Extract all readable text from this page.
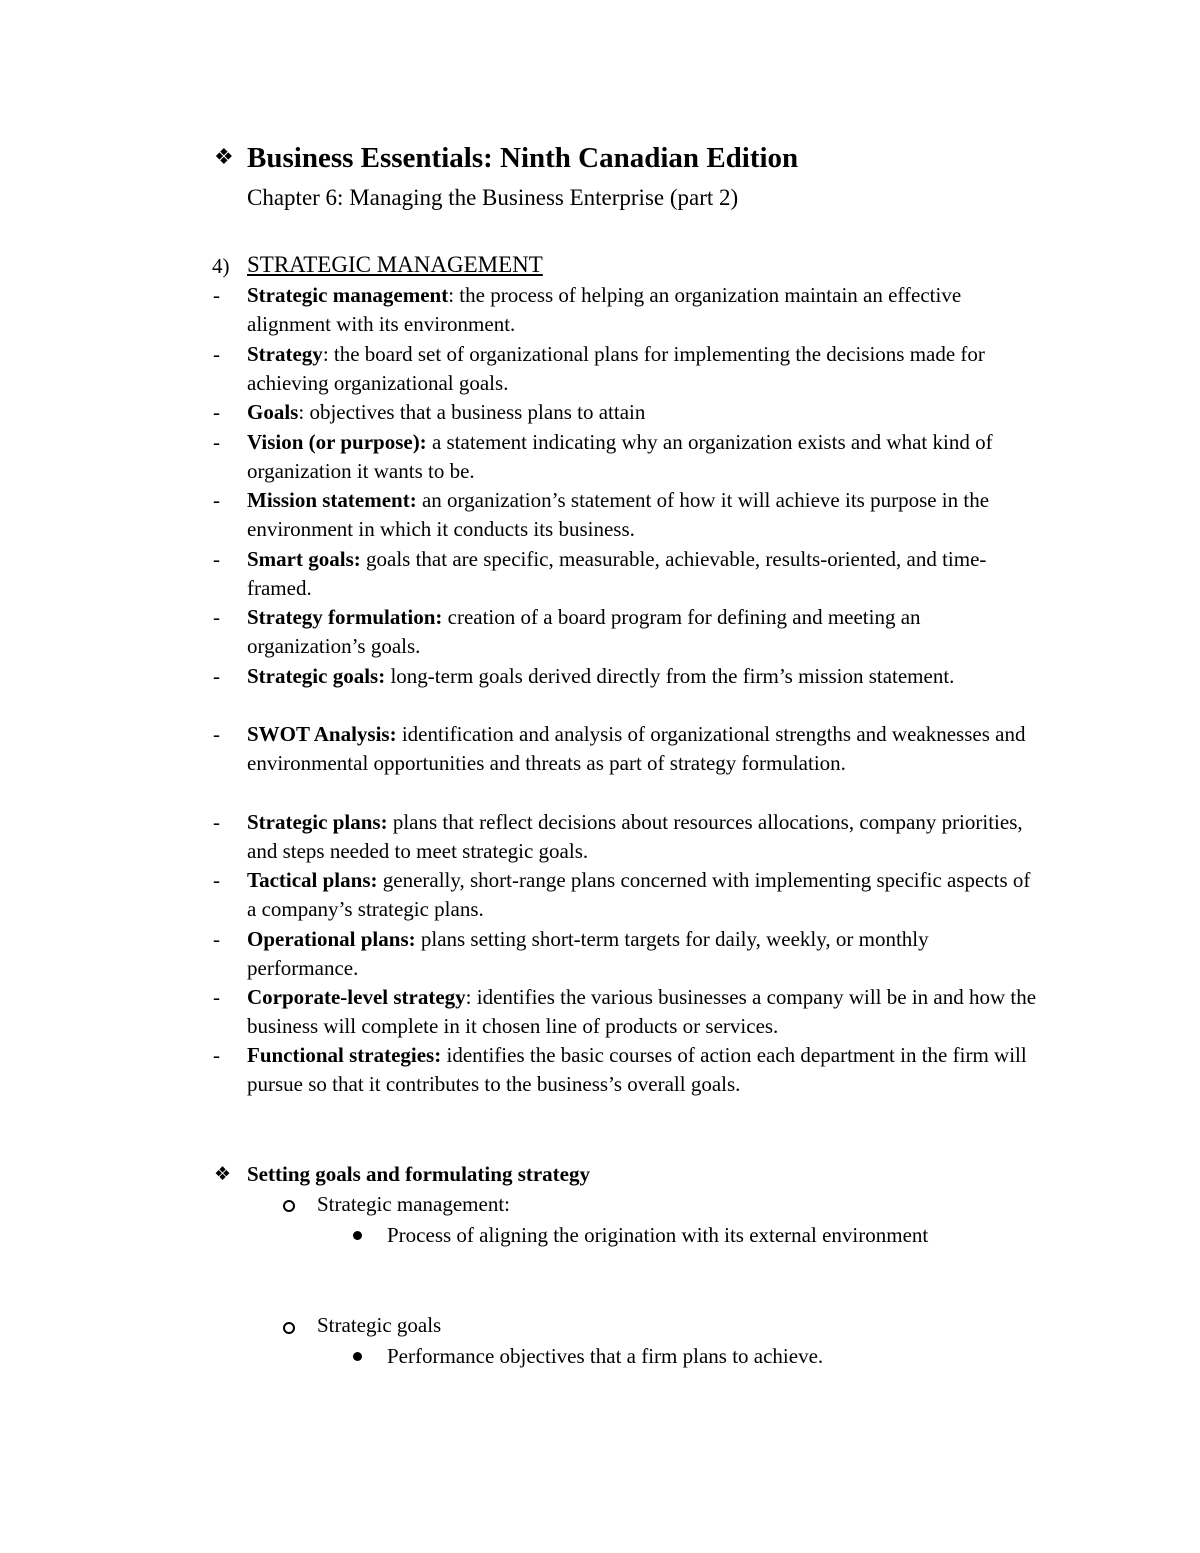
❖ Business Essentials: Ninth Canadian Edition
Chapter 6: Managing the Business Enterprise (part 2)
4) STRATEGIC MANAGEMENT
- Strategic management: the process of helping an organization maintain an effective alignment with its environment.
- Strategy: the board set of organizational plans for implementing the decisions made for achieving organizational goals.
- Goals: objectives that a business plans to attain
- Vision (or purpose): a statement indicating why an organization exists and what kind of organization it wants to be.
- Mission statement: an organization’s statement of how it will achieve its purpose in the environment in which it conducts its business.
- Smart goals: goals that are specific, measurable, achievable, results-oriented, and time-framed.
- Strategy formulation: creation of a board program for defining and meeting an organization’s goals.
- Strategic goals: long-term goals derived directly from the firm’s mission statement.
- SWOT Analysis: identification and analysis of organizational strengths and weaknesses and environmental opportunities and threats as part of strategy formulation.
- Strategic plans: plans that reflect decisions about resources allocations, company priorities, and steps needed to meet strategic goals.
- Tactical plans: generally, short-range plans concerned with implementing specific aspects of a company’s strategic plans.
- Operational plans: plans setting short-term targets for daily, weekly, or monthly performance.
- Corporate-level strategy: identifies the various businesses a company will be in and how the business will complete in it chosen line of products or services.
- Functional strategies: identifies the basic courses of action each department in the firm will pursue so that it contributes to the business’s overall goals.
❖ Setting goals and formulating strategy
Strategic management:
Process of aligning the origination with its external environment
Strategic goals
Performance objectives that a firm plans to achieve.
